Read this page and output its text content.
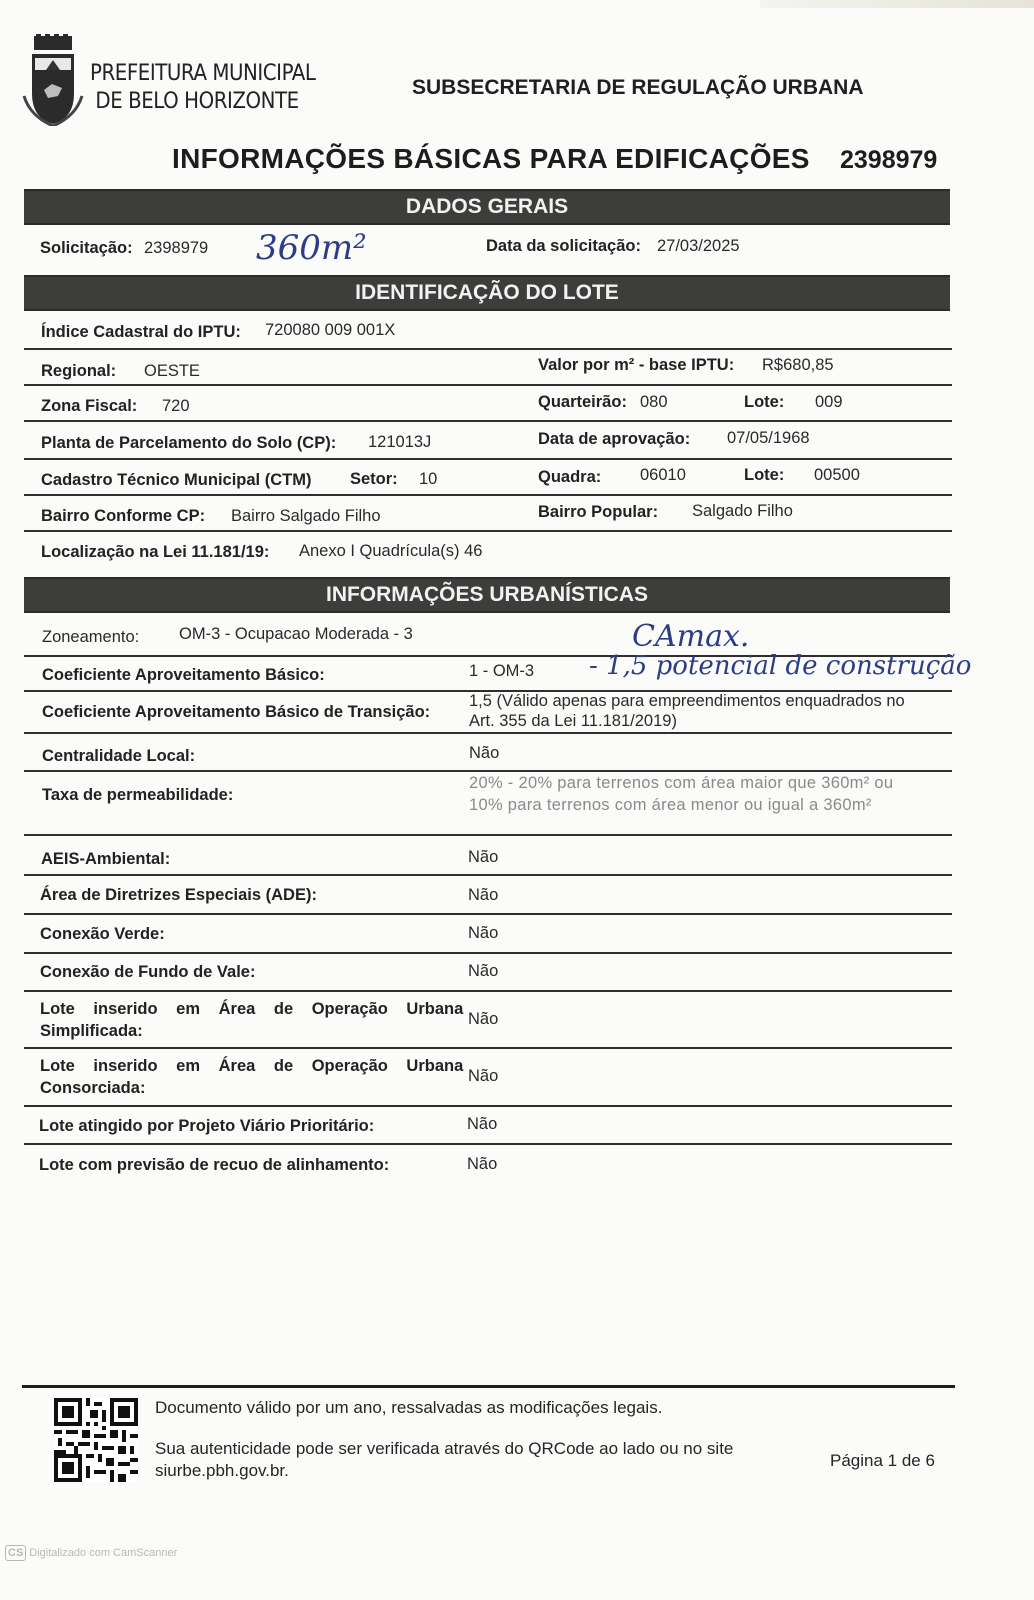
PREFEITURA MUNICIPAL
DE BELO HORIZONTE
SUBSECRETARIA DE REGULAÇÃO URBANA
INFORMAÇÕES BÁSICAS PARA EDIFICAÇÕES 2398979
DADOS GERAIS
Solicitação: 2398979 360m²	Data da solicitação: 27/03/2025
IDENTIFICAÇÃO DO LOTE
Índice Cadastral do IPTU: 720080 009 001X
Regional: OESTE	Valor por m² - base IPTU: R$680,85
Zona Fiscal: 720	Quarteirão: 080	Lote: 009
Planta de Parcelamento do Solo (CP): 121013J	Data de aprovação: 07/05/1968
Cadastro Técnico Municipal (CTM) Setor: 10	Quadra: 06010	Lote: 00500
Bairro Conforme CP: Bairro Salgado Filho	Bairro Popular: Salgado Filho
Localização na Lei 11.181/19: Anexo I Quadrícula(s) 46
INFORMAÇÕES URBANÍSTICAS
Zoneamento: OM-3 - Ocupacao Moderada - 3	CAmax.
Coeficiente Aproveitamento Básico:	1 - OM-3 - 1,5 potencial de construção
Coeficiente Aproveitamento Básico de Transição:
1,5 (Válido apenas para empreendimentos enquadrados no
Art. 355 da Lei 11.181/2019)
Centralidade Local:	Não
Taxa de permeabilidade:
20% - 20% para terrenos com área maior que 360m² ou
10% para terrenos com área menor ou igual a 360m²
AEIS-Ambiental:	Não
Área de Diretrizes Especiais (ADE):	Não
Conexão Verde:	Não
Conexão de Fundo de Vale:	Não
Lote inserido em Área de Operação Urbana
Simplificada:
Não
Lote inserido em Área de Operação Urbana
Consorciada:
Não
Lote atingido por Projeto Viário Prioritário:	Não
Lote com previsão de recuo de alinhamento:	Não
Documento válido por um ano, ressalvadas as modificações legais.
Sua autenticidade pode ser verificada através do QRCode ao lado ou no site
siurbe.pbh.gov.br.
Página 1 de 6
CS Digitalizado com CamScanner
